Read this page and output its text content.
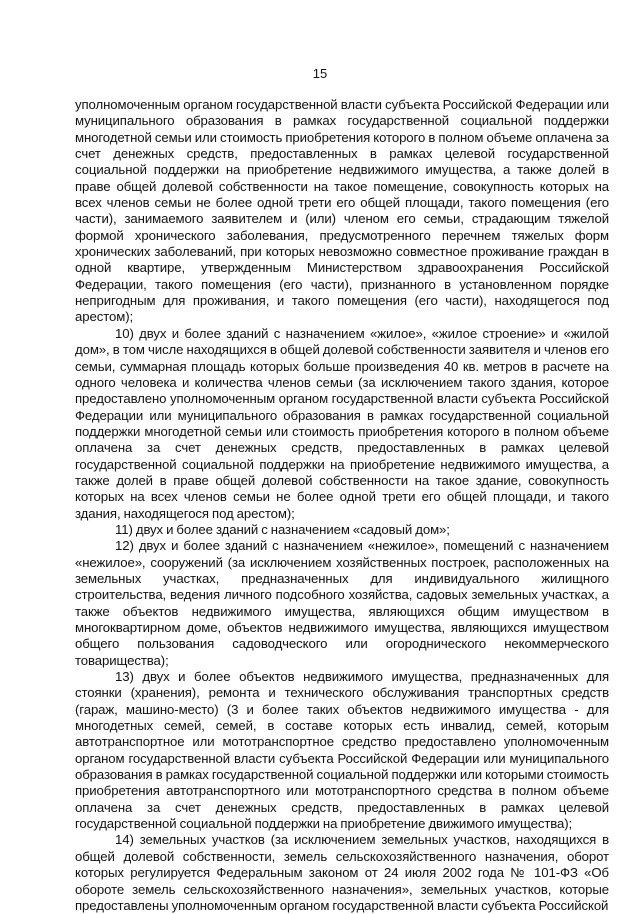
15

уполномоченным органом государственной власти субъекта Российской Федерации или муниципального образования в рамках государственной социальной поддержки многодетной семьи или стоимость приобретения которого в полном объеме оплачена за счет денежных средств, предоставленных в рамках целевой государственной социальной поддержки на приобретение недвижимого имущества, а также долей в праве общей долевой собственности на такое помещение, совокупность которых на всех членов семьи не более одной трети его общей площади, такого помещения (его части), занимаемого заявителем и (или) членом его семьи, страдающим тяжелой формой хронического заболевания, предусмотренного перечнем тяжелых форм хронических заболеваний, при которых невозможно совместное проживание граждан в одной квартире, утвержденным Министерством здравоохранения Российской Федерации, такого помещения (его части), признанного в установленном порядке непригодным для проживания, и такого помещения (его части), находящегося под арестом);

10) двух и более зданий с назначением «жилое», «жилое строение» и «жилой дом», в том числе находящихся в общей долевой собственности заявителя и членов его семьи, суммарная площадь которых больше произведения 40 кв. метров в расчете на одного человека и количества членов семьи (за исключением такого здания, которое предоставлено уполномоченным органом государственной власти субъекта Российской Федерации или муниципального образования в рамках государственной социальной поддержки многодетной семьи или стоимость приобретения которого в полном объеме оплачена за счет денежных средств, предоставленных в рамках целевой государственной социальной поддержки на приобретение недвижимого имущества, а также долей в праве общей долевой собственности на такое здание, совокупность которых на всех членов семьи не более одной трети его общей площади, и такого здания, находящегося под арестом);

11) двух и более зданий с назначением «садовый дом»;

12) двух и более зданий с назначением «нежилое», помещений с назначением «нежилое», сооружений (за исключением хозяйственных построек, расположенных на земельных участках, предназначенных для индивидуального жилищного строительства, ведения личного подсобного хозяйства, садовых земельных участках, а также объектов недвижимого имущества, являющихся общим имуществом в многоквартирном доме, объектов недвижимого имущества, являющихся имуществом общего пользования садоводческого или огороднического некоммерческого товарищества);

13) двух и более объектов недвижимого имущества, предназначенных для стоянки (хранения), ремонта и технического обслуживания транспортных средств (гараж, машино-место) (3 и более таких объектов недвижимого имущества - для многодетных семей, семей, в составе которых есть инвалид, семей, которым автотранспортное или мототранспортное средство предоставлено уполномоченным органом государственной власти субъекта Российской Федерации или муниципального образования в рамках государственной социальной поддержки или которыми стоимость приобретения автотранспортного или мототранспортного средства в полном объеме оплачена за счет денежных средств, предоставленных в рамках целевой государственной социальной поддержки на приобретение движимого имущества);

14) земельных участков (за исключением земельных участков, находящихся в общей долевой собственности, земель сельскохозяйственного назначения, оборот которых регулируется Федеральным законом от 24 июля 2002 года № 101-ФЗ «Об обороте земель сельскохозяйственного назначения», земельных участков, которые предоставлены уполномоченным органом государственной власти субъекта Российской
